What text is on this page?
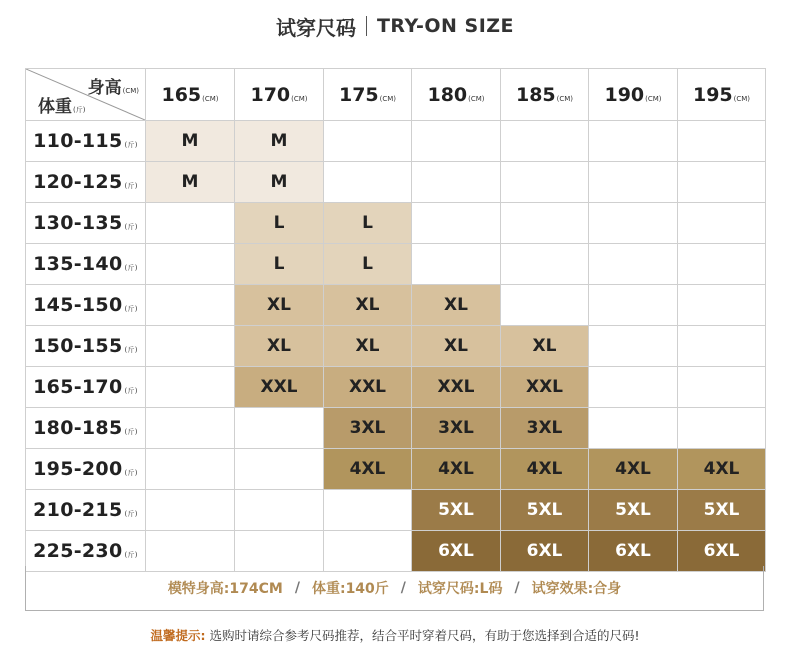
试穿尺码 TRY-ON SIZE
身高(CM)
体重(斤)	165(CM)	170(CM)	175(CM)	180(CM)	185(CM)	190(CM)	195(CM)
110-115 (斤)	M	M					
120-125 (斤)	M	M					
130-135 (斤)		L	L				
135-140 (斤)		L	L				
145-150 (斤)		XL	XL	XL			
150-155 (斤)		XL	XL	XL	XL		
165-170 (斤)		XXL	XXL	XXL	XXL		
180-185 (斤)			3XL	3XL	3XL		
195-200 (斤)			4XL	4XL	4XL	4XL	4XL
210-215 (斤)				5XL	5XL	5XL	5XL
225-230 (斤)				6XL	6XL	6XL	6XL
模特身高:174CM / 体重:140斤 / 试穿尺码:L码 / 试穿效果:合身
温馨提示: 选购时请综合参考尺码推荐，结合平时穿着尺码，有助于您选择到合适的尺码!
